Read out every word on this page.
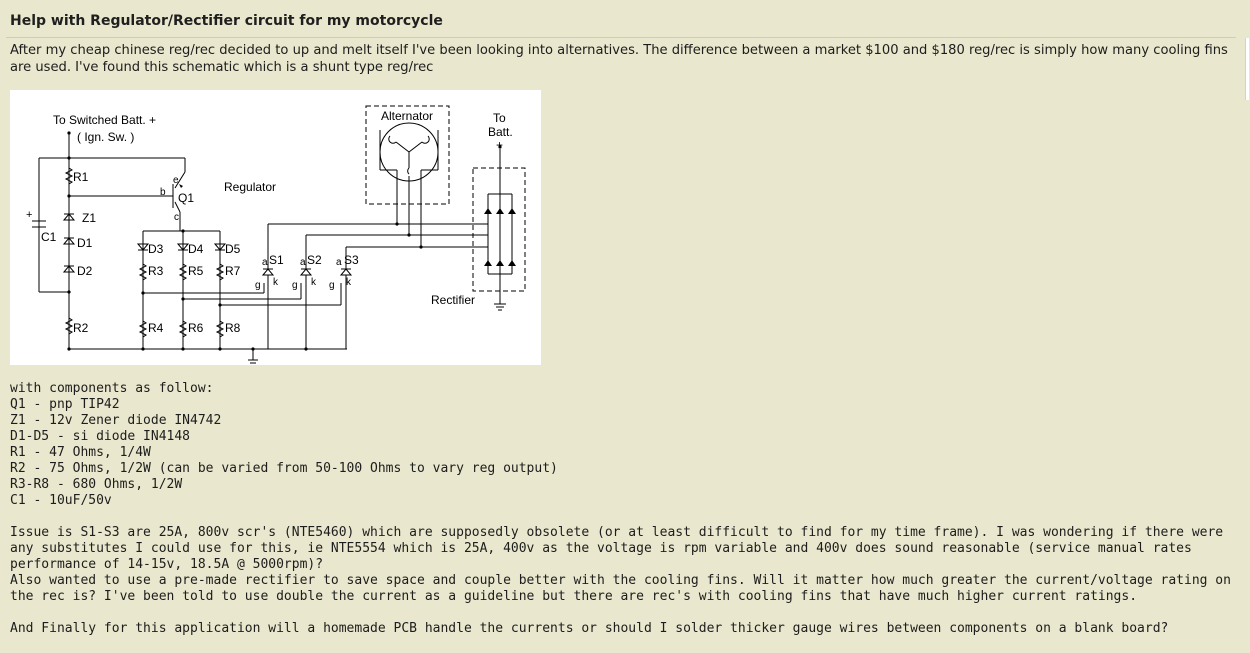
Help with Regulator/Rectifier circuit for my motorcycle
After my cheap chinese reg/rec decided to up and melt itself I've been looking into alternatives. The difference between a market $100 and $180 reg/rec is simply how many cooling fins are used. I've found this schematic which is a shunt type reg/rec
To Switched Batt. +
( Ign. Sw. )
Regulator
Alternator	To
Batt.
+
Rectifier
R1
R2
R3
R4
R5
R6
R7
R8
Z1
C1
+
D1
D2
D3 D4 D5
Q1
e
b
c
a S1
g k
a S2
g k
a S3
g k
with components as follow:
Q1 - pnp TIP42
Z1 - 12v Zener diode IN4742
D1-D5 - si diode IN4148
R1 - 47 Ohms, 1/4W
R2 - 75 Ohms, 1/2W (can be varied from 50-100 Ohms to vary reg output)
R3-R8 - 680 Ohms, 1/2W
C1 - 10uF/50v
Issue is S1-S3 are 25A, 800v scr's (NTE5460) which are supposedly obsolete (or at least difficult to find for my time frame). I was wondering if there were any substitutes I could use for this, ie NTE5554 which is 25A, 400v as the voltage is rpm variable and 400v does sound reasonable (service manual rates performance of 14-15v, 18.5A @ 5000rpm)?
Also wanted to use a pre-made rectifier to save space and couple better with the cooling fins. Will it matter how much greater the current/voltage rating on the rec is? I've been told to use double the current as a guideline but there are rec's with cooling fins that have much higher current ratings.
And Finally for this application will a homemade PCB handle the currents or should I solder thicker gauge wires between components on a blank board?
